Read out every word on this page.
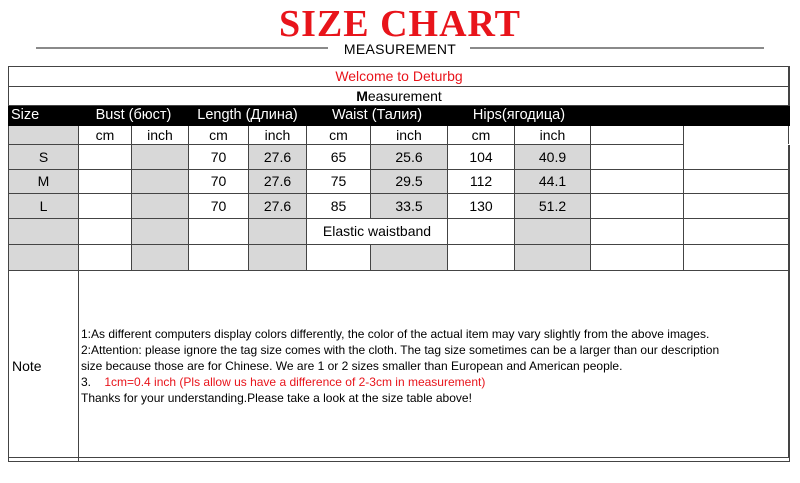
SIZE CHART
MEASUREMENT
Welcome to Deturbg										
Measurement										
Size	Bust (бюст)		Length (Длина)		Waist (Талия)		Hips(ягодица)			
	cm	inch	cm	inch	cm	inch	cm	inch		
S			70	27.6	65	25.6	104	40.9		
M			70	27.6	75	29.5	112	44.1		
L			70	27.6	85	33.5	130	51.2		
					Elastic waistband					

Note	1:As different computers display colors differently, the color of the actual item may vary slightly from the above images.
2:Attention: please ignore the tag size comes with the cloth. The tag size sometimes can be a larger than our description
size because those are for Chinese. We are 1 or 2 sizes smaller than European and American people.
3. 1cm=0.4 inch (Pls allow us have a difference of 2-3cm in measurement)
Thanks for your understanding.Please take a look at the size table above!									
